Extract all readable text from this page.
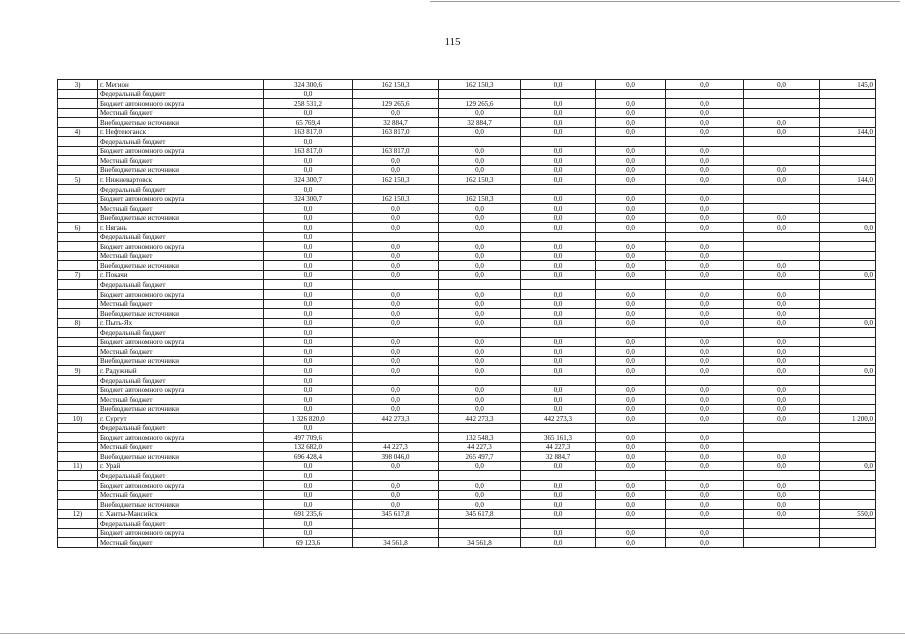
115
3)	г. Мегион	324 300,6	162 150,3	162 150,3	0,0	0,0	0,0	0,0	145,0
	Федеральный бюджет	0,0							
	Бюджет автономного округа	258 531,2	129 265,6	129 265,6	0,0	0,0	0,0		
	Местный бюджет	0,0	0,0	0,0	0,0	0,0	0,0		
	Внебюджетные источники	65 769,4	32 884,7	32 884,7	0,0	0,0	0,0	0,0	
4)	г. Нефтеюганск	163 817,0	163 817,0	0,0	0,0	0,0	0,0	0,0	144,0
	Федеральный бюджет	0,0							
	Бюджет автономного округа	163 817,0	163 817,0	0,0	0,0	0,0	0,0		
	Местный бюджет	0,0	0,0	0,0	0,0	0,0	0,0		
	Внебюджетные источники	0,0	0,0	0,0	0,0	0,0	0,0	0,0	
5)	г. Нижневартовск	324 300,7	162 150,3	162 150,3	0,0	0,0	0,0	0,0	144,0
	Федеральный бюджет	0,0							
	Бюджет автономного округа	324 300,7	162 150,3	162 150,3	0,0	0,0	0,0		
	Местный бюджет	0,0	0,0	0,0	0,0	0,0	0,0		
	Внебюджетные источники	0,0	0,0	0,0	0,0	0,0	0,0	0,0	
6)	г. Нягань	0,0	0,0	0,0	0,0	0,0	0,0	0,0	0,0
	Федеральный бюджет	0,0							
	Бюджет автономного округа	0,0	0,0	0,0	0,0	0,0	0,0		
	Местный бюджет	0,0	0,0	0,0	0,0	0,0	0,0		
	Внебюджетные источники	0,0	0,0	0,0	0,0	0,0	0,0	0,0	
7)	г. Покачи	0,0	0,0	0,0	0,0	0,0	0,0	0,0	0,0
	Федеральный бюджет	0,0							
	Бюджет автономного округа	0,0	0,0	0,0	0,0	0,0	0,0	0,0	
	Местный бюджет	0,0	0,0	0,0	0,0	0,0	0,0	0,0	
	Внебюджетные источники	0,0	0,0	0,0	0,0	0,0	0,0	0,0	
8)	г. Пыть-Ях	0,0	0,0	0,0	0,0	0,0	0,0	0,0	0,0
	Федеральный бюджет	0,0							
	Бюджет автономного округа	0,0	0,0	0,0	0,0	0,0	0,0	0,0	
	Местный бюджет	0,0	0,0	0,0	0,0	0,0	0,0	0,0	
	Внебюджетные источники	0,0	0,0	0,0	0,0	0,0	0,0	0,0	
9)	г. Радужный	0,0	0,0	0,0	0,0	0,0	0,0	0,0	0,0
	Федеральный бюджет	0,0							
	Бюджет автономного округа	0,0	0,0	0,0	0,0	0,0	0,0	0,0	
	Местный бюджет	0,0	0,0	0,0	0,0	0,0	0,0	0,0	
	Внебюджетные источники	0,0	0,0	0,0	0,0	0,0	0,0	0,0	
10)	г. Сургут	1 326 820,0	442 273,3	442 273,3	442 273,3	0,0	0,0	0,0	1 200,0
	Федеральный бюджет	0,0							
	Бюджет автономного округа	497 709,6		132 548,3	365 161,3	0,0	0,0		
	Местный бюджет	132 682,0	44 227,3	44 227,3	44 227,3	0,0	0,0		
	Внебюджетные источники	696 428,4	398 046,0	265 497,7	32 884,7	0,0	0,0	0,0	
11)	г. Урай	0,0	0,0	0,0	0,0	0,0	0,0	0,0	0,0
	Федеральный бюджет	0,0							
	Бюджет автономного округа	0,0	0,0	0,0	0,0	0,0	0,0	0,0	
	Местный бюджет	0,0	0,0	0,0	0,0	0,0	0,0	0,0	
	Внебюджетные источники	0,0	0,0	0,0	0,0	0,0	0,0	0,0	
12)	г. Ханты-Мансийск	691 235,6	345 617,8	345 617,8	0,0	0,0	0,0	0,0	550,0
	Федеральный бюджет	0,0							
	Бюджет автономного округа	0,0			0,0	0,0	0,0		
	Местный бюджет	69 123,6	34 561,8	34 561,8	0,0	0,0	0,0		
